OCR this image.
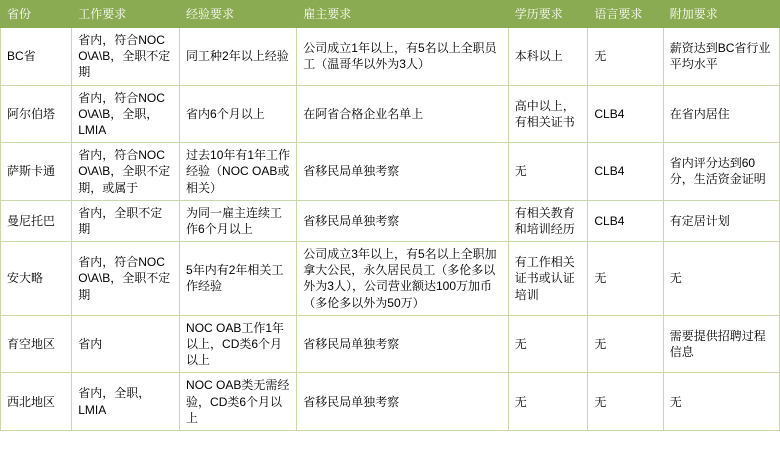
省份	工作要求	经验要求	雇主要求	学历要求	语言要求	附加要求
BC省	省内，符合NOC O\A\B，全职不定期	同工种2年以上经验	公司成立1年以上，有5名以上全职员工（温哥华以外为3人）	本科以上	无	薪资达到BC省行业平均水平
阿尔伯塔	省内，符合NOC O\A\B，全职，LMIA	省内6个月以上	在阿省合格企业名单上	高中以上，有相关证书	CLB4	在省内居住
萨斯卡通	省内，符合NOC O\A\B，全职不定期，或属于	过去10年有1年工作经验（NOC OAB或相关）	省移民局单独考察	无	CLB4	省内评分达到60分，生活资金证明
曼尼托巴	省内，全职不定期	为同一雇主连续工作6个月以上	省移民局单独考察	有相关教育和培训经历	CLB4	有定居计划
安大略	省内，符合NOC O\A\B，全职不定期	5年内有2年相关工作经验	公司成立3年以上，有5名以上全职加拿大公民，永久居民员工（多伦多以外为3人），公司营业额达100万加币（多伦多以外为50万）	有工作相关证书或认证培训	无	无
育空地区	省内	NOC OAB工作1年以上，CD类6个月以上	省移民局单独考察	无	无	需要提供招聘过程信息
西北地区	省内，全职，LMIA	NOC OAB类无需经验，CD类6个月以上	省移民局单独考察	无	无	无
